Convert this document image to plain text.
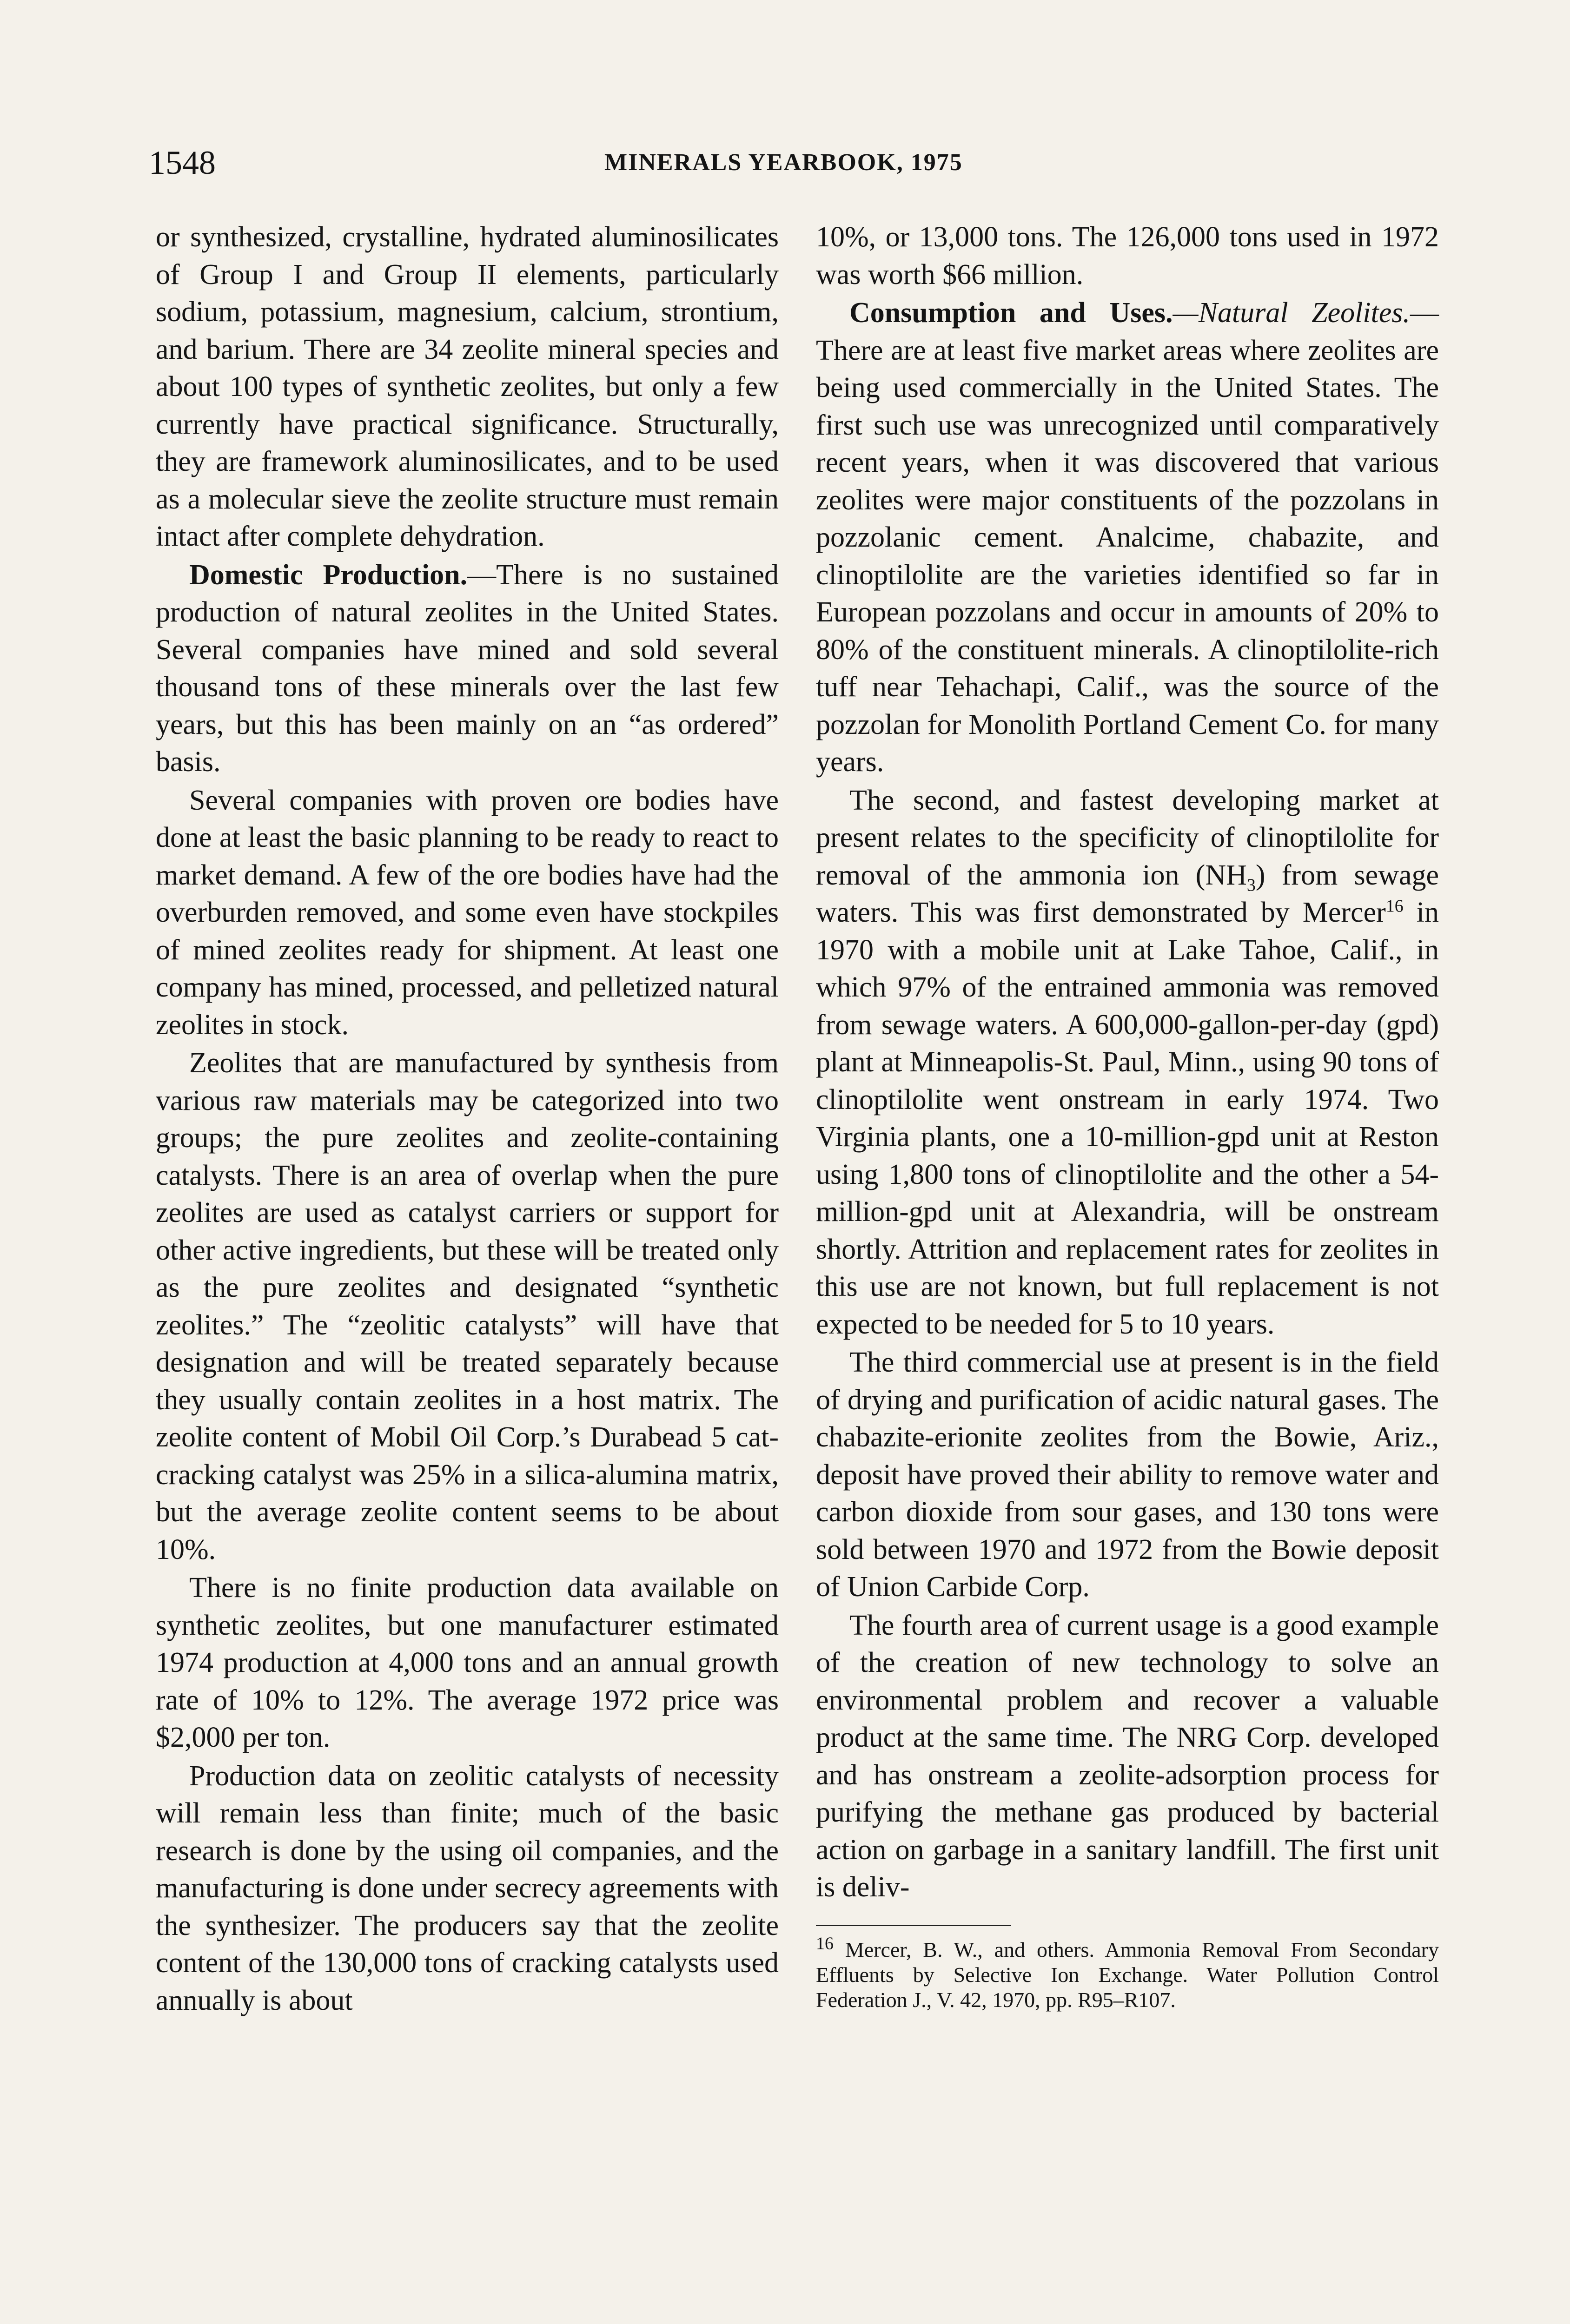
1548	MINERALS YEARBOOK, 1975

or synthesized, crystalline, hydrated aluminosilicates of Group I and Group II elements, particularly sodium, potassium, magnesium, calcium, strontium, and barium. There are 34 zeolite mineral species and about 100 types of synthetic zeolites, but only a few currently have practical significance. Structurally, they are framework aluminosilicates, and to be used as a molecular sieve the zeolite structure must remain intact after complete dehydration.

Domestic Production.—There is no sustained production of natural zeolites in the United States. Several companies have mined and sold several thousand tons of these minerals over the last few years, but this has been mainly on an “as ordered” basis.

Several companies with proven ore bodies have done at least the basic planning to be ready to react to market demand. A few of the ore bodies have had the overburden removed, and some even have stockpiles of mined zeolites ready for shipment. At least one company has mined, processed, and pelletized natural zeolites in stock.

Zeolites that are manufactured by synthesis from various raw materials may be categorized into two groups; the pure zeolites and zeolite-containing catalysts. There is an area of overlap when the pure zeolites are used as catalyst carriers or support for other active ingredients, but these will be treated only as the pure zeolites and designated “synthetic zeolites.” The “zeolitic catalysts” will have that designation and will be treated separately because they usually contain zeolites in a host matrix. The zeolite content of Mobil Oil Corp.’s Durabead 5 cat-cracking catalyst was 25% in a silica-alumina matrix, but the average zeolite content seems to be about 10%.

There is no finite production data available on synthetic zeolites, but one manufacturer estimated 1974 production at 4,000 tons and an annual growth rate of 10% to 12%. The average 1972 price was $2,000 per ton.

Production data on zeolitic catalysts of necessity will remain less than finite; much of the basic research is done by the using oil companies, and the manufacturing is done under secrecy agreements with the synthesizer. The producers say that the zeolite content of the 130,000 tons of cracking catalysts used annually is about

10%, or 13,000 tons. The 126,000 tons used in 1972 was worth $66 million.

Consumption and Uses.—Natural Zeolites.—There are at least five market areas where zeolites are being used commercially in the United States. The first such use was unrecognized until comparatively recent years, when it was discovered that various zeolites were major constituents of the pozzolans in pozzolanic cement. Analcime, chabazite, and clinoptilolite are the varieties identified so far in European pozzolans and occur in amounts of 20% to 80% of the constituent minerals. A clinoptilolite-rich tuff near Tehachapi, Calif., was the source of the pozzolan for Monolith Portland Cement Co. for many years.

The second, and fastest developing market at present relates to the specificity of clinoptilolite for removal of the ammonia ion $(NH_3)$ from sewage waters. This was first demonstrated by Mercer$^{16}$ in 1970 with a mobile unit at Lake Tahoe, Calif., in which 97% of the entrained ammonia was removed from sewage waters. A 600,000-gallon-per-day (gpd) plant at Minneapolis-St. Paul, Minn., using 90 tons of clinoptilolite went onstream in early 1974. Two Virginia plants, one a 10-million-gpd unit at Reston using 1,800 tons of clinoptilolite and the other a 54-million-gpd unit at Alexandria, will be onstream shortly. Attrition and replacement rates for zeolites in this use are not known, but full replacement is not expected to be needed for 5 to 10 years.

The third commercial use at present is in the field of drying and purification of acidic natural gases. The chabazite-erionite zeolites from the Bowie, Ariz., deposit have proved their ability to remove water and carbon dioxide from sour gases, and 130 tons were sold between 1970 and 1972 from the Bowie deposit of Union Carbide Corp.

The fourth area of current usage is a good example of the creation of new technology to solve an environmental problem and recover a valuable product at the same time. The NRG Corp. developed and has onstream a zeolite-adsorption process for purifying the methane gas produced by bacterial action on garbage in a sanitary landfill. The first unit is deliv-

$^{16}$ Mercer, B. W., and others. Ammonia Removal From Secondary Effluents by Selective Ion Exchange. Water Pollution Control Federation J., V. 42, 1970, pp. R95–R107.
